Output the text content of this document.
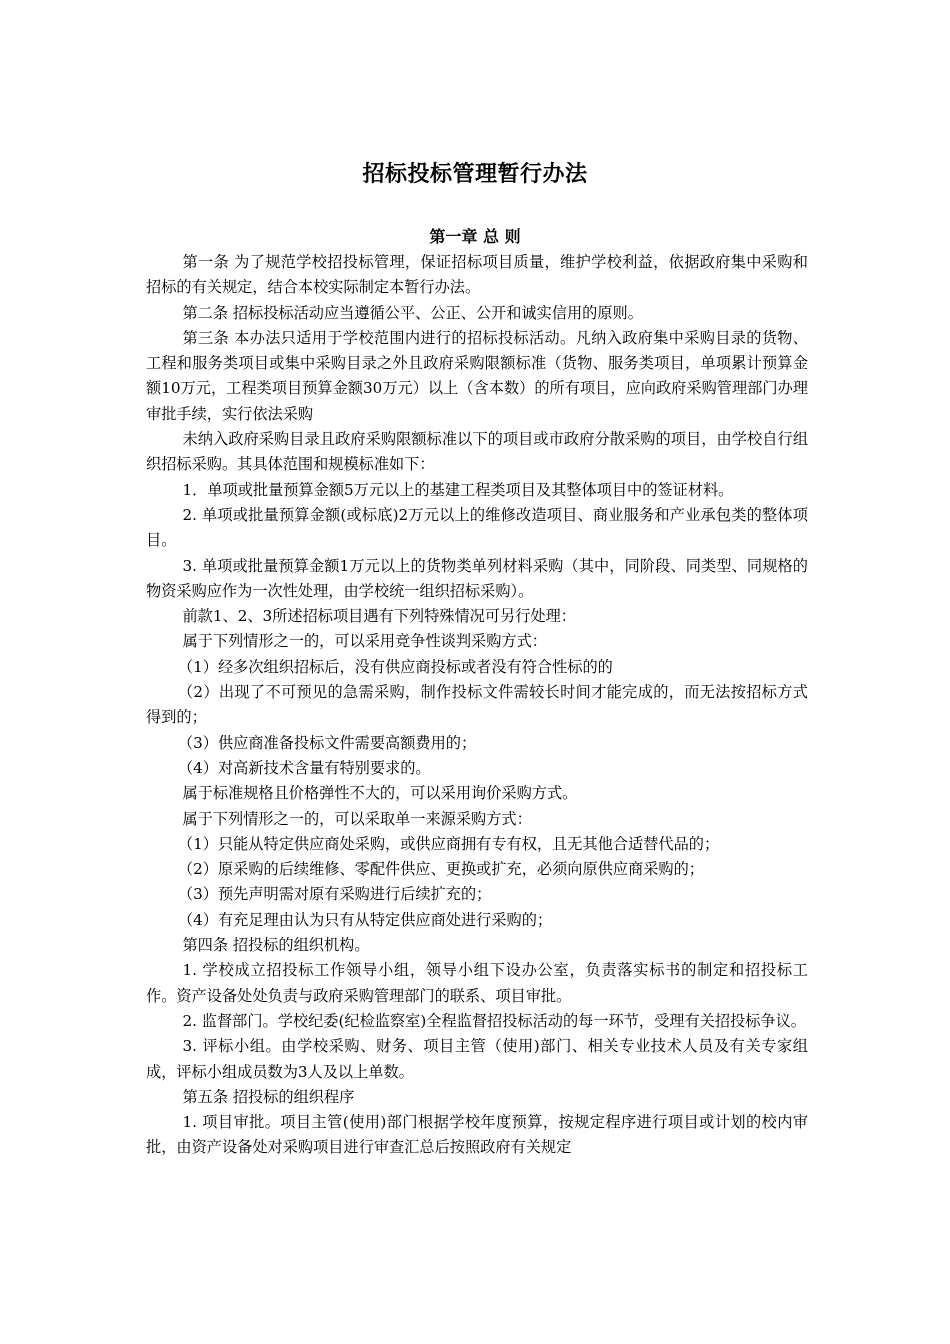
招标投标管理暂行办法
第一章 总 则

第一条 为了规范学校招投标管理，保证招标项目质量，维护学校利益，依据政府集中采购和招标的有关规定，结合本校实际制定本暂行办法。

第二条 招标投标活动应当遵循公平、公正、公开和诚实信用的原则。

第三条 本办法只适用于学校范围内进行的招标投标活动。凡纳入政府集中采购目录的货物、工程和服务类项目或集中采购目录之外且政府采购限额标准（货物、服务类项目，单项累计预算金额10万元，工程类项目预算金额30万元）以上（含本数）的所有项目，应向政府采购管理部门办理审批手续，实行依法采购

未纳入政府采购目录且政府采购限额标准以下的项目或市政府分散采购的项目，由学校自行组织招标采购。其具体范围和规模标准如下：

1．单项或批量预算金额5万元以上的基建工程类项目及其整体项目中的签证材料。

2. 单项或批量预算金额(或标底)2万元以上的维修改造项目、商业服务和产业承包类的整体项目。

3. 单项或批量预算金额1万元以上的货物类单列材料采购（其中，同阶段、同类型、同规格的物资采购应作为一次性处理，由学校统一组织招标采购）。

前款1、2、3所述招标项目遇有下列特殊情况可另行处理：

属于下列情形之一的，可以采用竞争性谈判采购方式：

（1）经多次组织招标后，没有供应商投标或者没有符合性标的的

（2）出现了不可预见的急需采购，制作投标文件需较长时间才能完成的，而无法按招标方式得到的；

（3）供应商准备投标文件需要高额费用的；

（4）对高新技术含量有特别要求的。

属于标准规格且价格弹性不大的，可以采用询价采购方式。

属于下列情形之一的，可以采取单一来源采购方式：

（1）只能从特定供应商处采购，或供应商拥有专有权，且无其他合适替代品的；

（2）原采购的后续维修、零配件供应、更换或扩充，必须向原供应商采购的；

（3）预先声明需对原有采购进行后续扩充的；

（4）有充足理由认为只有从特定供应商处进行采购的；

第四条 招投标的组织机构。

1. 学校成立招投标工作领导小组，领导小组下设办公室，负责落实标书的制定和招投标工作。资产设备处处负责与政府采购管理部门的联系、项目审批。

2. 监督部门。学校纪委(纪检监察室)全程监督招投标活动的每一环节，受理有关招投标争议。

3. 评标小组。由学校采购、财务、项目主管（使用)部门、相关专业技术人员及有关专家组成，评标小组成员数为3人及以上单数。

第五条 招投标的组织程序

1. 项目审批。项目主管(使用)部门根据学校年度预算，按规定程序进行项目或计划的校内审批，由资产设备处对采购项目进行审查汇总后按照政府有关规定
